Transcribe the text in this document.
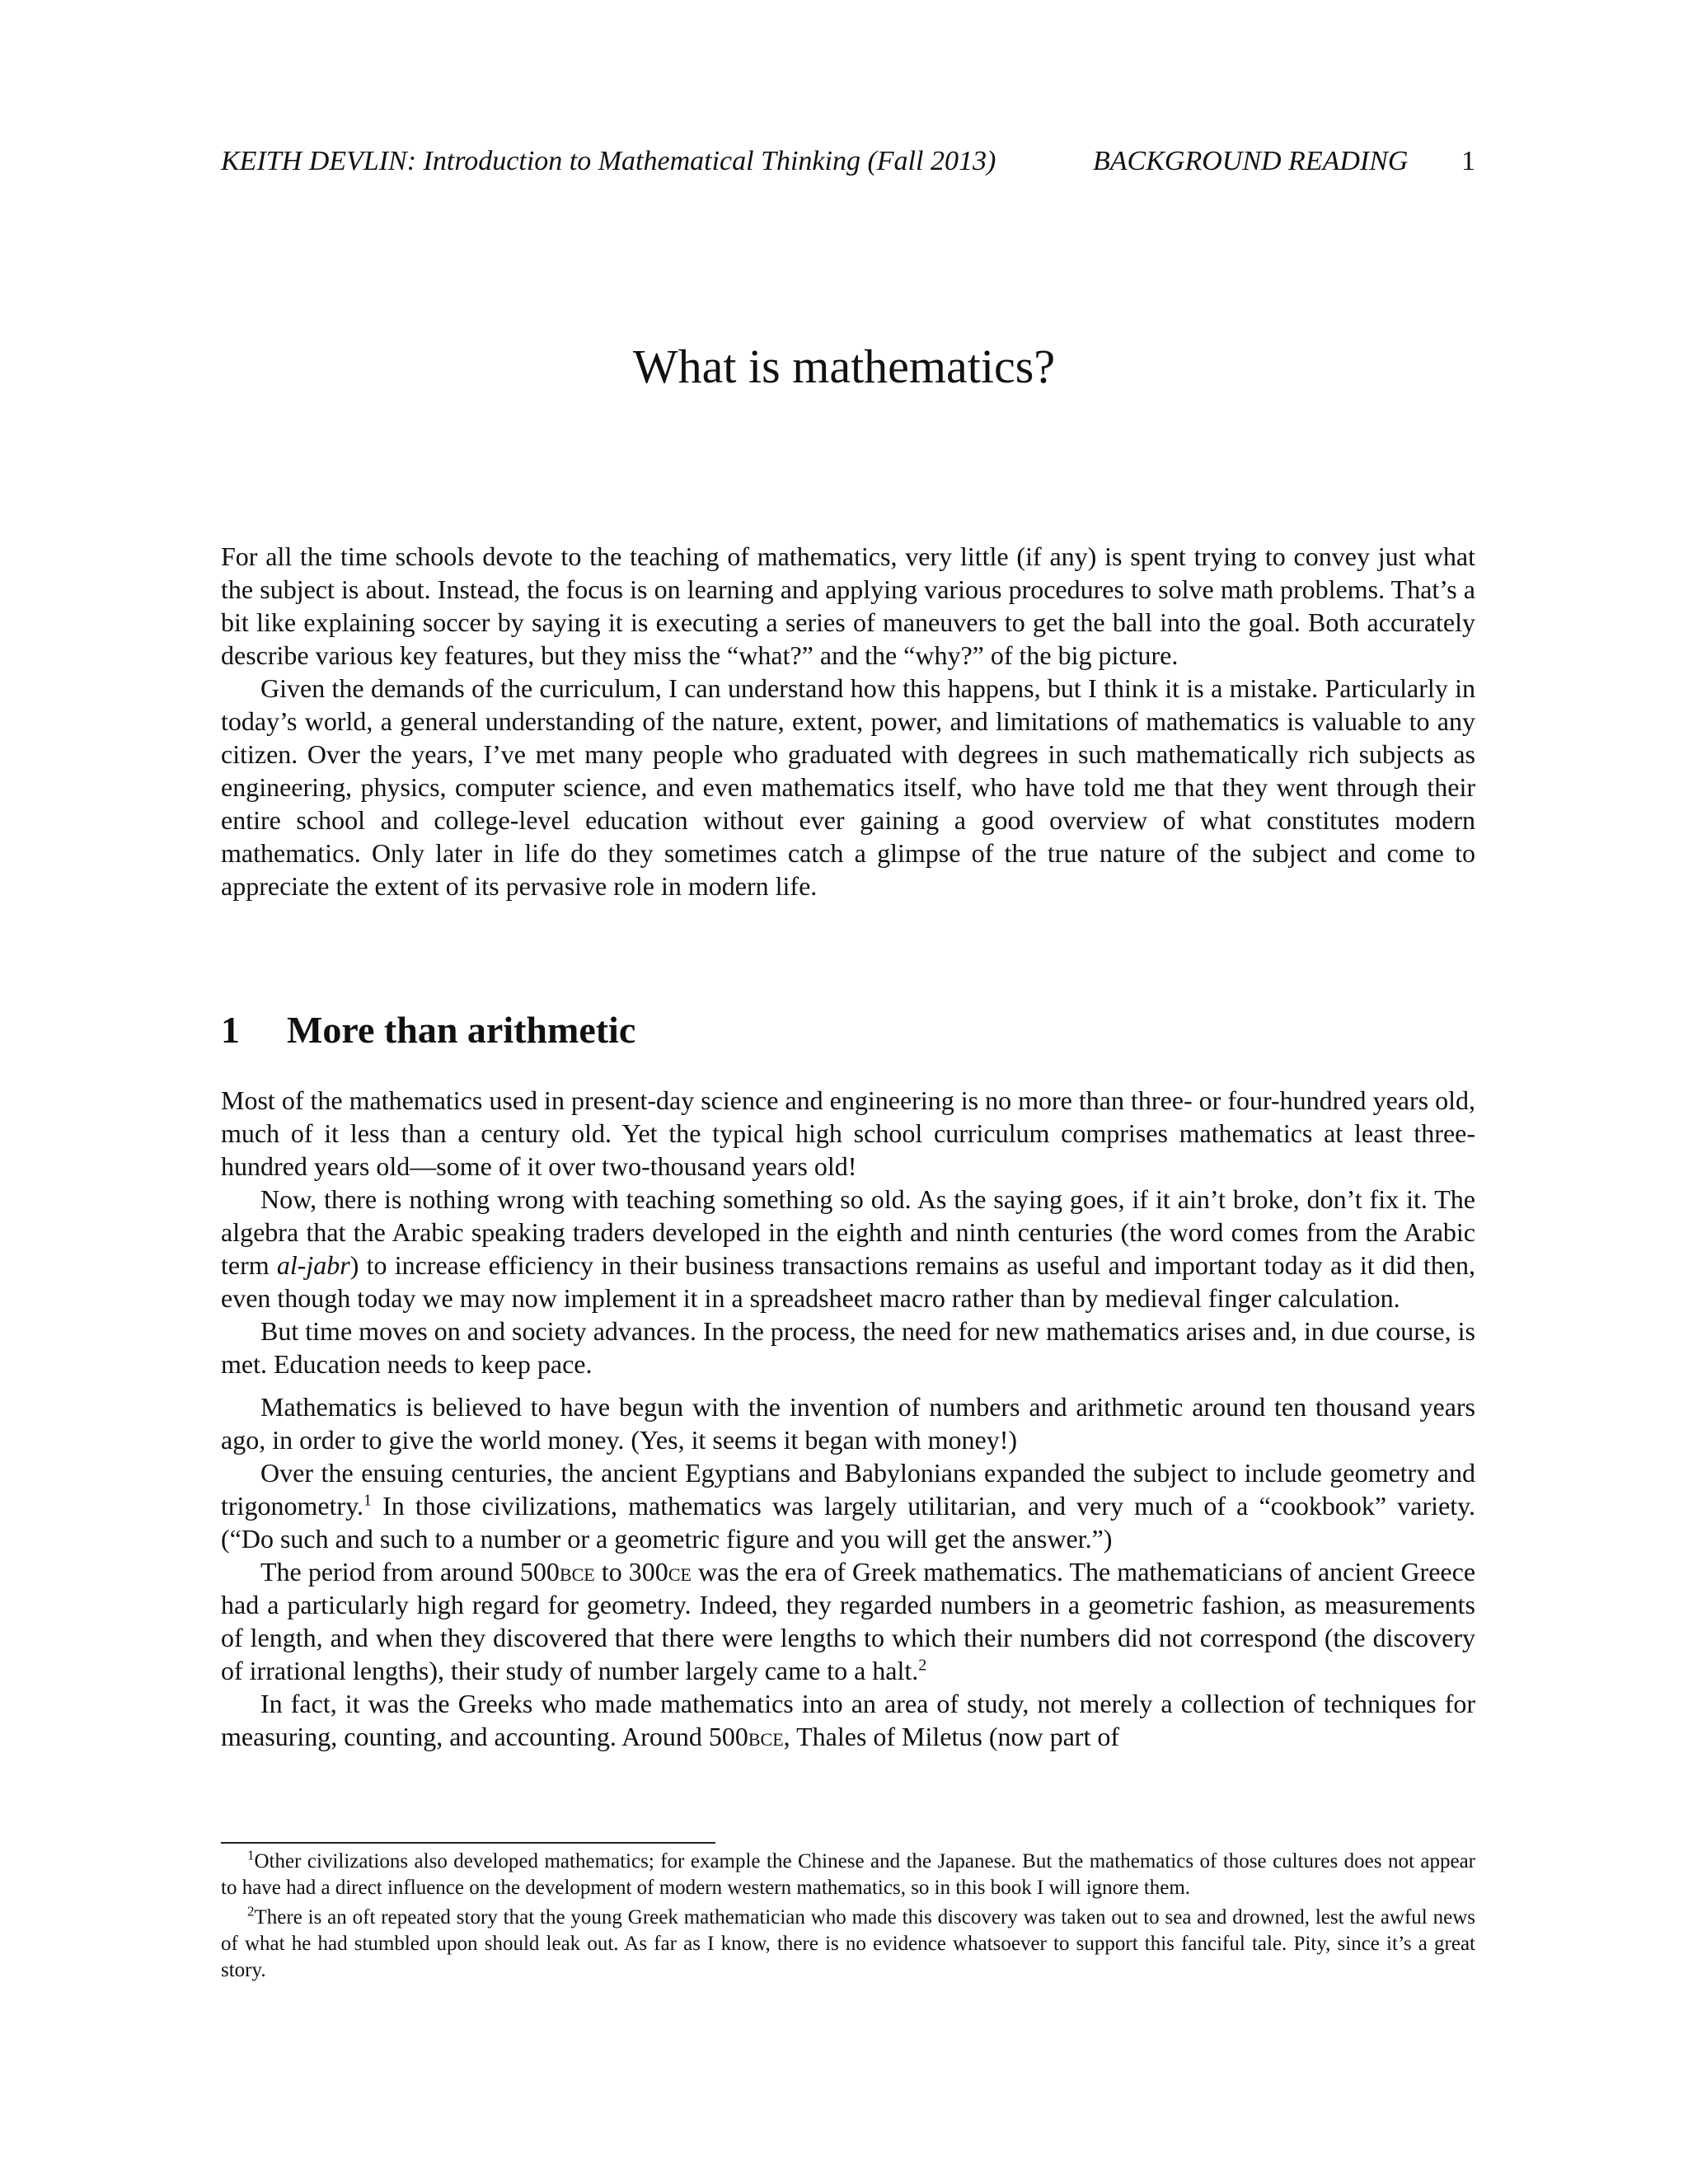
KEITH DEVLIN: Introduction to Mathematical Thinking (Fall 2013)	BACKGROUND READING 1
What is mathematics?

For all the time schools devote to the teaching of mathematics, very little (if any) is spent trying to convey just what the subject is about. Instead, the focus is on learning and applying various procedures to solve math problems. That’s a bit like explaining soccer by saying it is executing a series of maneuvers to get the ball into the goal. Both accurately describe various key features, but they miss the “what?” and the “why?” of the big picture.

Given the demands of the curriculum, I can understand how this happens, but I think it is a mistake. Particularly in today’s world, a general understanding of the nature, extent, power, and limitations of mathematics is valuable to any citizen. Over the years, I’ve met many people who graduated with degrees in such mathematically rich subjects as engineering, physics, computer science, and even mathematics itself, who have told me that they went through their entire school and college-level education without ever gaining a good overview of what constitutes modern mathematics. Only later in life do they sometimes catch a glimpse of the true nature of the subject and come to appreciate the extent of its pervasive role in modern life.

1 More than arithmetic

Most of the mathematics used in present-day science and engineering is no more than three- or four-hundred years old, much of it less than a century old. Yet the typical high school curriculum comprises mathematics at least three-hundred years old—some of it over two-thousand years old!

Now, there is nothing wrong with teaching something so old. As the saying goes, if it ain’t broke, don’t fix it. The algebra that the Arabic speaking traders developed in the eighth and ninth centuries (the word comes from the Arabic term al-jabr) to increase efficiency in their business transactions remains as useful and important today as it did then, even though today we may now implement it in a spreadsheet macro rather than by medieval finger calculation.

But time moves on and society advances. In the process, the need for new mathematics arises and, in due course, is met. Education needs to keep pace.

Mathematics is believed to have begun with the invention of numbers and arithmetic around ten thousand years ago, in order to give the world money. (Yes, it seems it began with money!)

Over the ensuing centuries, the ancient Egyptians and Babylonians expanded the subject to include geometry and trigonometry.$^1$ In those civilizations, mathematics was largely utilitarian, and very much of a “cookbook” variety. (“Do such and such to a number or a geometric figure and you will get the answer.”)

The period from around 500bce to 300ce was the era of Greek mathematics. The mathematicians of ancient Greece had a particularly high regard for geometry. Indeed, they regarded numbers in a geometric fashion, as measurements of length, and when they discovered that there were lengths to which their numbers did not correspond (the discovery of irrational lengths), their study of number largely came to a halt.$^2$

In fact, it was the Greeks who made mathematics into an area of study, not merely a collection of techniques for measuring, counting, and accounting. Around 500bce, Thales of Miletus (now part of

$^1$Other civilizations also developed mathematics; for example the Chinese and the Japanese. But the mathematics of those cultures does not appear to have had a direct influence on the development of modern western mathematics, so in this book I will ignore them.

$^2$There is an oft repeated story that the young Greek mathematician who made this discovery was taken out to sea and drowned, lest the awful news of what he had stumbled upon should leak out. As far as I know, there is no evidence whatsoever to support this fanciful tale. Pity, since it’s a great story.
